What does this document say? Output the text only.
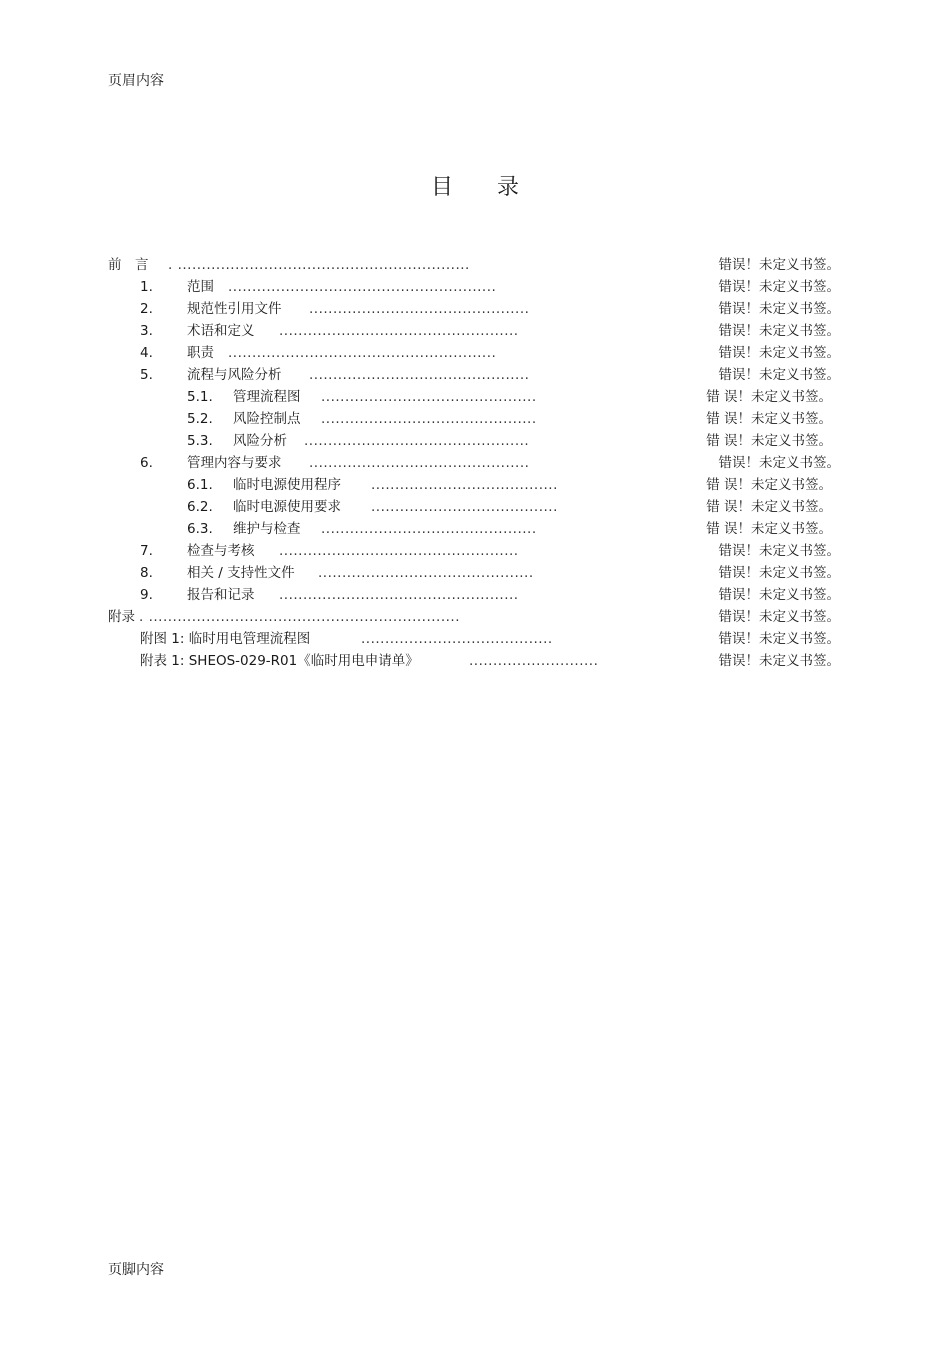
页眉内容
目录
前　言 . .............................................................	错误！未定义书签。
1.	范围 ........................................................	错误！未定义书签。
2.	规范性引用文件 ..............................................	错误！未定义书签。
3.	术语和定义 ..................................................	错误！未定义书签。
4.	职责 ........................................................	错误！未定义书签。
5.	流程与风险分析 ..............................................	错误！未定义书签。
5.1. 管理流程图 .............................................	错 误！未定义书签。
5.2. 风险控制点 .............................................	错 误！未定义书签。
5.3. 风险分析 ...............................................	错 误！未定义书签。
6.	管理内容与要求 ..............................................	错误！未定义书签。
6.1. 临时电源使用程序 .......................................	错 误！未定义书签。
6.2. 临时电源使用要求 .......................................	错 误！未定义书签。
6.3. 维护与检查 .............................................	错 误！未定义书签。
7.	检查与考核 ..................................................	错误！未定义书签。
8.	相关 / 支持性文件 .............................................	错误！未定义书签。
9.	报告和记录 ..................................................	错误！未定义书签。
附录 . .................................................................	错误！未定义书签。
附图 1: 临时用电管理流程图	........................................	错误！未定义书签。
附表 1: SHEOS-029-R01《临时用电申请单》	...........................	错误！未定义书签。
页脚内容
